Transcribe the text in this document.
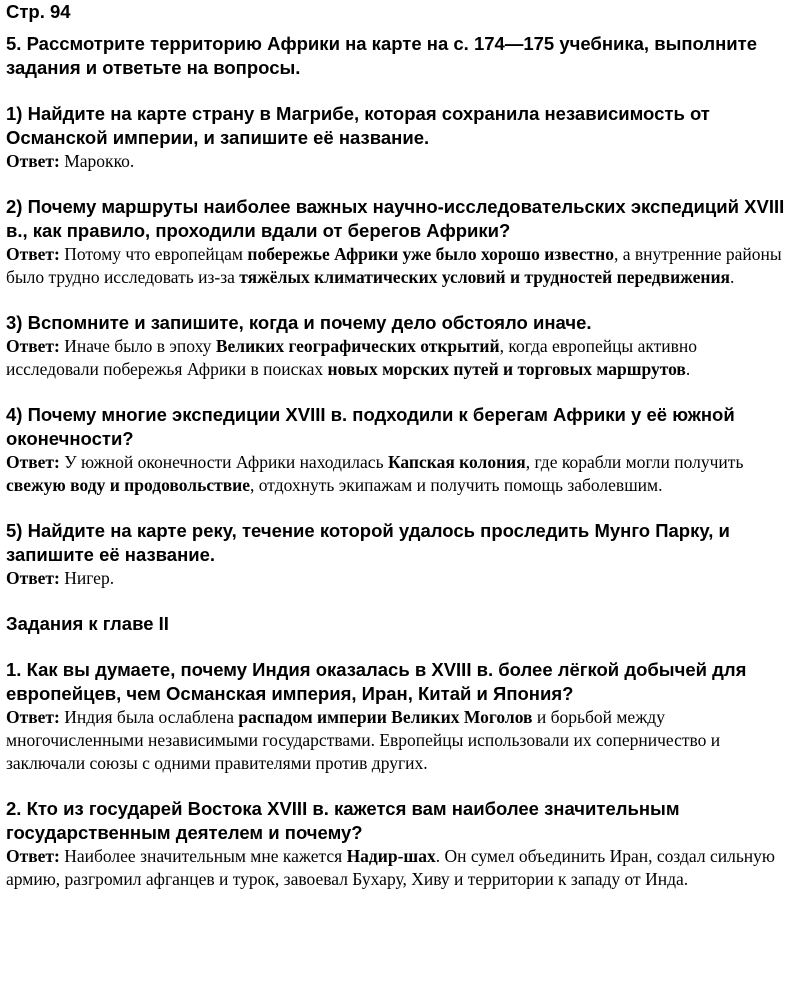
Стр. 94

5. Рассмотрите территорию Африки на карте на с. 174—175 учебника, выполните задания и ответьте на вопросы.

1) Найдите на карте страну в Магрибе, которая сохранила независимость от Османской империи, и запишите её название.

Ответ: Марокко.

2) Почему маршруты наиболее важных научно-исследовательских экспедиций XVIII в., как правило, проходили вдали от берегов Африки?

Ответ: Потому что европейцам побережье Африки уже было хорошо известно, а внутренние районы было трудно исследовать из-за тяжёлых климатических условий и трудностей передвижения.

3) Вспомните и запишите, когда и почему дело обстояло иначе.

Ответ: Иначе было в эпоху Великих географических открытий, когда европейцы активно исследовали побережья Африки в поисках новых морских путей и торговых маршрутов.

4) Почему многие экспедиции XVIII в. подходили к берегам Африки у её южной оконечности?

Ответ: У южной оконечности Африки находилась Капская колония, где корабли могли получить свежую воду и продовольствие, отдохнуть экипажам и получить помощь заболевшим.

5) Найдите на карте реку, течение которой удалось проследить Мунго Парку, и запишите её название.

Ответ: Нигер.

Задания к главе II

1. Как вы думаете, почему Индия оказалась в XVIII в. более лёгкой добычей для европейцев, чем Османская империя, Иран, Китай и Япония?

Ответ: Индия была ослаблена распадом империи Великих Моголов и борьбой между многочисленными независимыми государствами. Европейцы использовали их соперничество и заключали союзы с одними правителями против других.

2. Кто из государей Востока XVIII в. кажется вам наиболее значительным государственным деятелем и почему?

Ответ: Наиболее значительным мне кажется Надир-шах. Он сумел объединить Иран, создал сильную армию, разгромил афганцев и турок, завоевал Бухару, Хиву и территории к западу от Инда.
